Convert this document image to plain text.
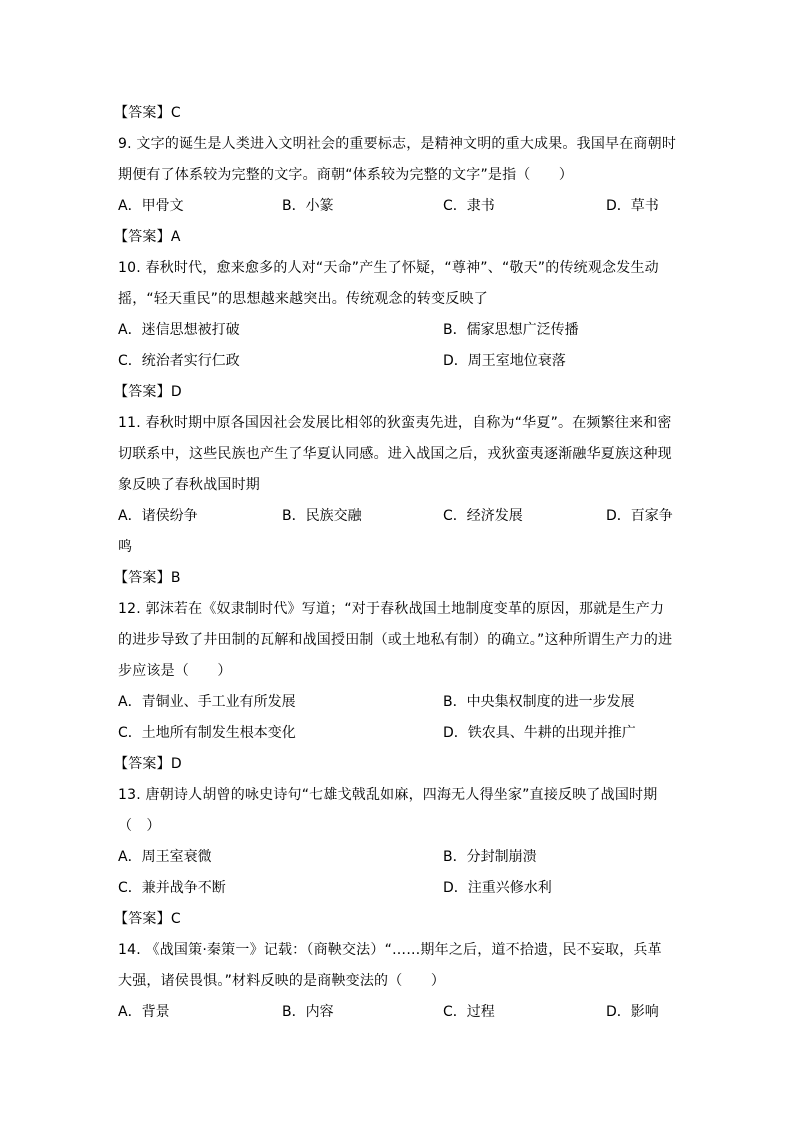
【答案】C
9. 文字的诞生是人类进入文明社会的重要标志，是精神文明的重大成果。我国早在商朝时
期便有了体系较为完整的文字。商朝“体系较为完整的文字”是指（　　）
A．甲骨文	B．小篆	C．隶书	D．草书
【答案】A
10. 春秋时代，愈来愈多的人对“天命”产生了怀疑，“尊神”、“敬天”的传统观念发生动
摇，“轻天重民”的思想越来越突出。传统观念的转变反映了
A．迷信思想被打破	B．儒家思想广泛传播
C．统治者实行仁政	D．周王室地位衰落
【答案】D
11. 春秋时期中原各国因社会发展比相邻的狄蛮夷先进，自称为“华夏”。在频繁往来和密
切联系中，这些民族也产生了华夏认同感。进入战国之后，戎狄蛮夷逐渐融华夏族这种现
象反映了春秋战国时期
A．诸侯纷争	B．民族交融	C．经济发展	D．百家争
鸣
【答案】B
12. 郭沫若在《奴隶制时代》写道；“对于春秋战国土地制度变革的原因，那就是生产力
的进步导致了井田制的瓦解和战国授田制（或土地私有制）的确立。”这种所谓生产力的进
步应该是（　　）
A．青铜业、手工业有所发展	B．中央集权制度的进一步发展
C．土地所有制发生根本变化	D．铁农具、牛耕的出现并推广
【答案】D
13. 唐朝诗人胡曾的咏史诗句“七雄戈戟乱如麻，四海无人得坐家”直接反映了战国时期
（　）
A．周王室衰微	B．分封制崩溃
C．兼并战争不断	D．注重兴修水利
【答案】C
14. 《战国策·秦策一》记载：（商鞅交法）“……期年之后，道不拾遗，民不妄取，兵革
大强，诸侯畏惧。”材料反映的是商鞅变法的（　　）
A．背景	B．内容	C．过程	D．影响
